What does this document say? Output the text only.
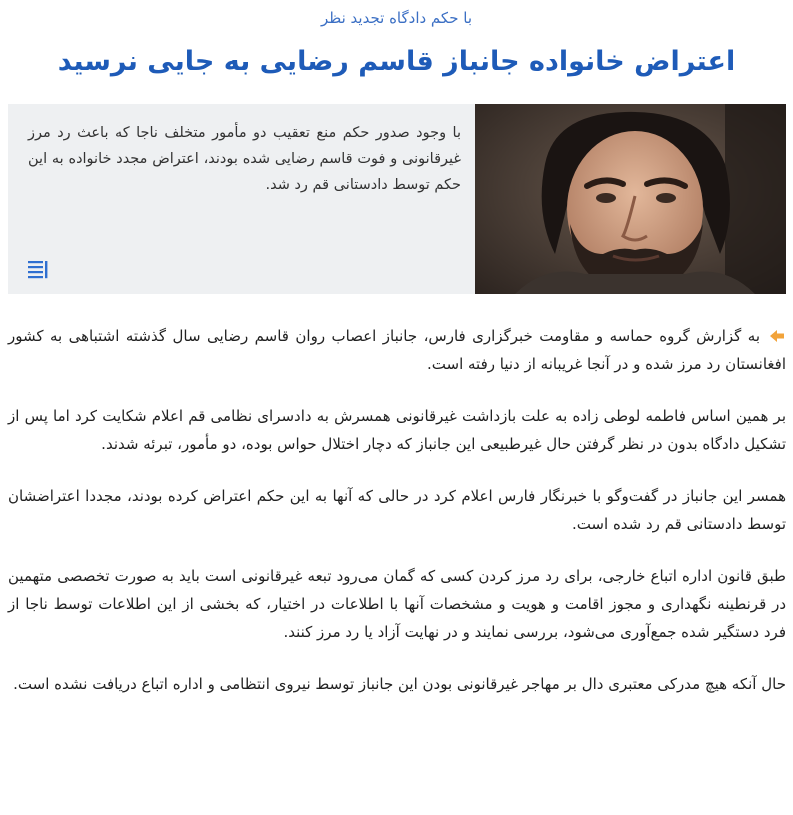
با حکم دادگاه تجدید نظر
اعتراض خانواده جانباز قاسم رضایی به جایی نرسید
با وجود صدور حکم منع تعقیب دو مأمور متخلف ناجا که باعث رد مرز غیرقانونی و فوت قاسم رضایی شده بودند، اعتراض مجدد خانواده به این حکم توسط دادستانی قم رد شد.

به گزارش گروه حماسه و مقاومت خبرگزاری فارس، جانباز اعصاب روان قاسم رضایی سال گذشته اشتباهی به کشور افغانستان رد مرز شده و در آنجا غریبانه از دنیا رفته است.

بر همین اساس فاطمه لوطی زاده به علت بازداشت غیرقانونی همسرش به دادسرای نظامی قم اعلام شکایت کرد اما پس از تشکیل دادگاه بدون در نظر گرفتن حال غیرطبیعی این جانباز که دچار اختلال حواس بوده، دو مأمور، تبرئه شدند.

همسر این جانباز در گفت‌وگو با خبرنگار فارس اعلام کرد در حالی که آنها به این حکم اعتراض کرده بودند، مجددا اعتراضشان توسط دادستانی قم رد شده است.

طبق قانون اداره اتباع خارجی، برای رد مرز کردن کسی که گمان می‌رود تبعه غیرقانونی است باید به صورت تخصصی متهمین در قرنطینه نگهداری و مجوز اقامت و هویت و مشخصات آنها با اطلاعات در اختیار، که بخشی از این اطلاعات توسط ناجا از فرد دستگیر شده جمع‌آوری می‌شود، بررسی نمایند و در نهایت آزاد یا رد مرز کنند.

حال آنکه هیچ مدرکی معتبری دال بر مهاجر غیرقانونی بودن این جانباز توسط نیروی انتظامی و اداره اتباع دریافت نشده است.
